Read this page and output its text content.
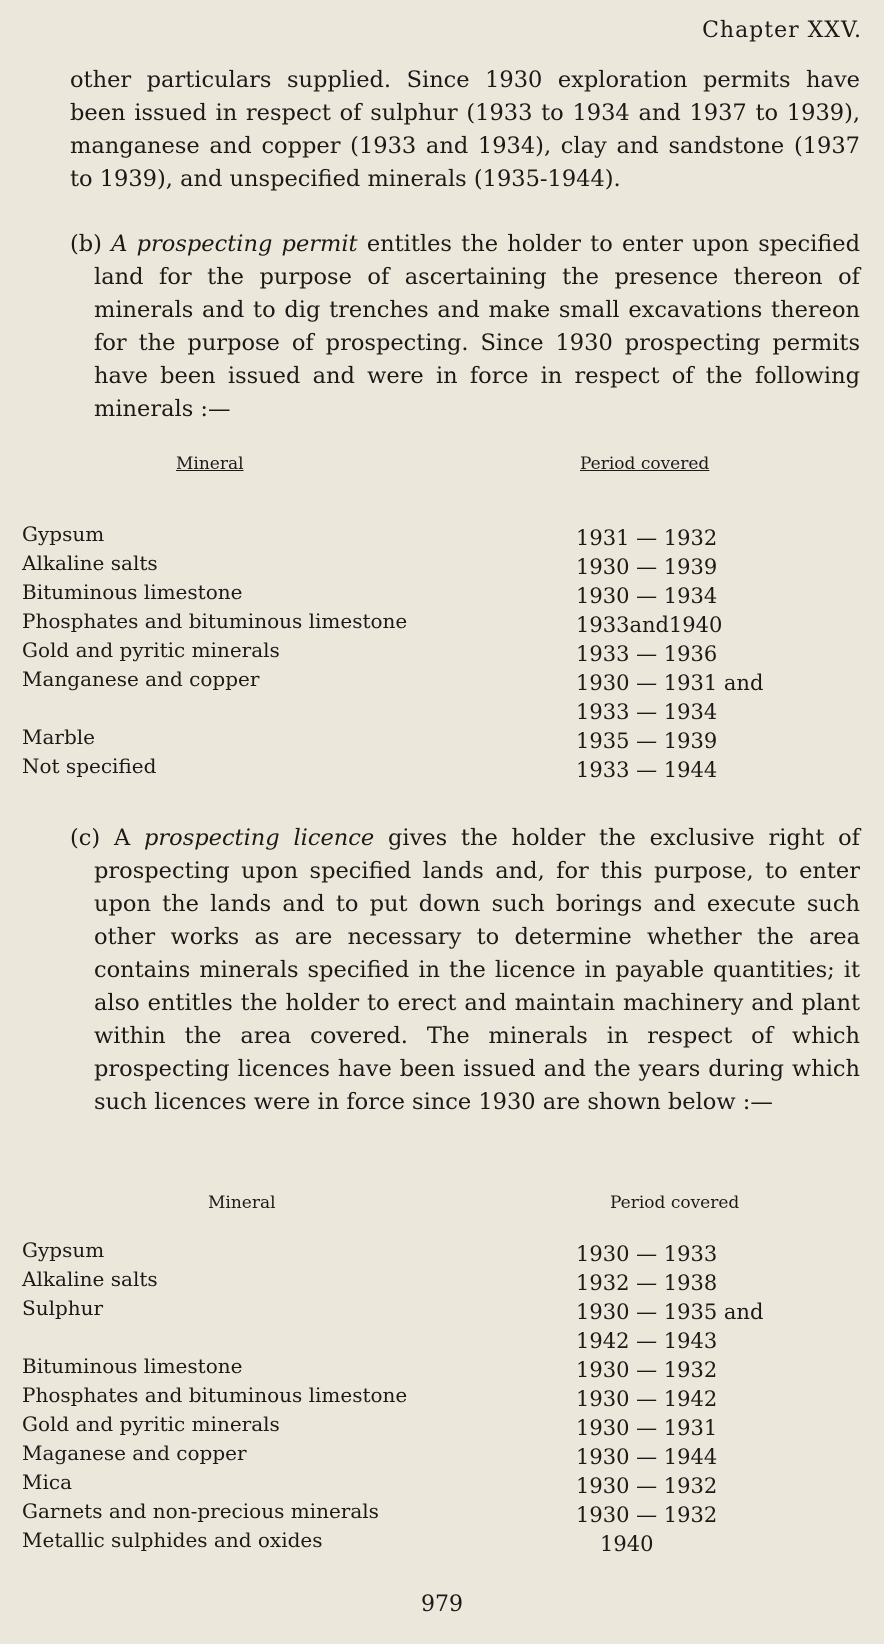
Chapter XXV.

other particulars supplied. Since 1930 exploration permits have been issued in respect of sulphur (1933 to 1934 and 1937 to 1939), manganese and copper (1933 and 1934), clay and sandstone (1937 to 1939), and unspecified minerals (1935-1944).

(b) A prospecting permit entitles the holder to enter upon specified land for the purpose of ascertaining the presence thereon of minerals and to dig trenches and make small excavations thereon for the purpose of prospecting. Since 1930 prospecting permits have been issued and were in force in respect of the following minerals :—

Mineral	Period covered
Gypsum	1931 — 1932
Alkaline salts	1930 — 1939
Bituminous limestone	1930 — 1934
Phosphates and bituminous limestone	1933and1940
Gold and pyritic minerals	1933 — 1936
Manganese and copper	1930 — 1931 and
1933 — 1934
Marble	1935 — 1939
Not specified	1933 — 1944

(c) A prospecting licence gives the holder the exclusive right of prospecting upon specified lands and, for this purpose, to enter upon the lands and to put down such borings and execute such other works as are necessary to determine whether the area contains minerals specified in the licence in payable quantities; it also entitles the holder to erect and maintain machinery and plant within the area covered. The minerals in respect of which prospecting licences have been issued and the years during which such licences were in force since 1930 are shown below :—

Mineral	Period covered
Gypsum	1930 — 1933
Alkaline salts	1932 — 1938
Sulphur	1930 — 1935 and
1942 — 1943
Bituminous limestone	1930 — 1932
Phosphates and bituminous limestone	1930 — 1942
Gold and pyritic minerals	1930 — 1931
Maganese and copper	1930 — 1944
Mica	1930 — 1932
Garnets and non-precious minerals	1930 — 1932
Metallic sulphides and oxides	1940
979
